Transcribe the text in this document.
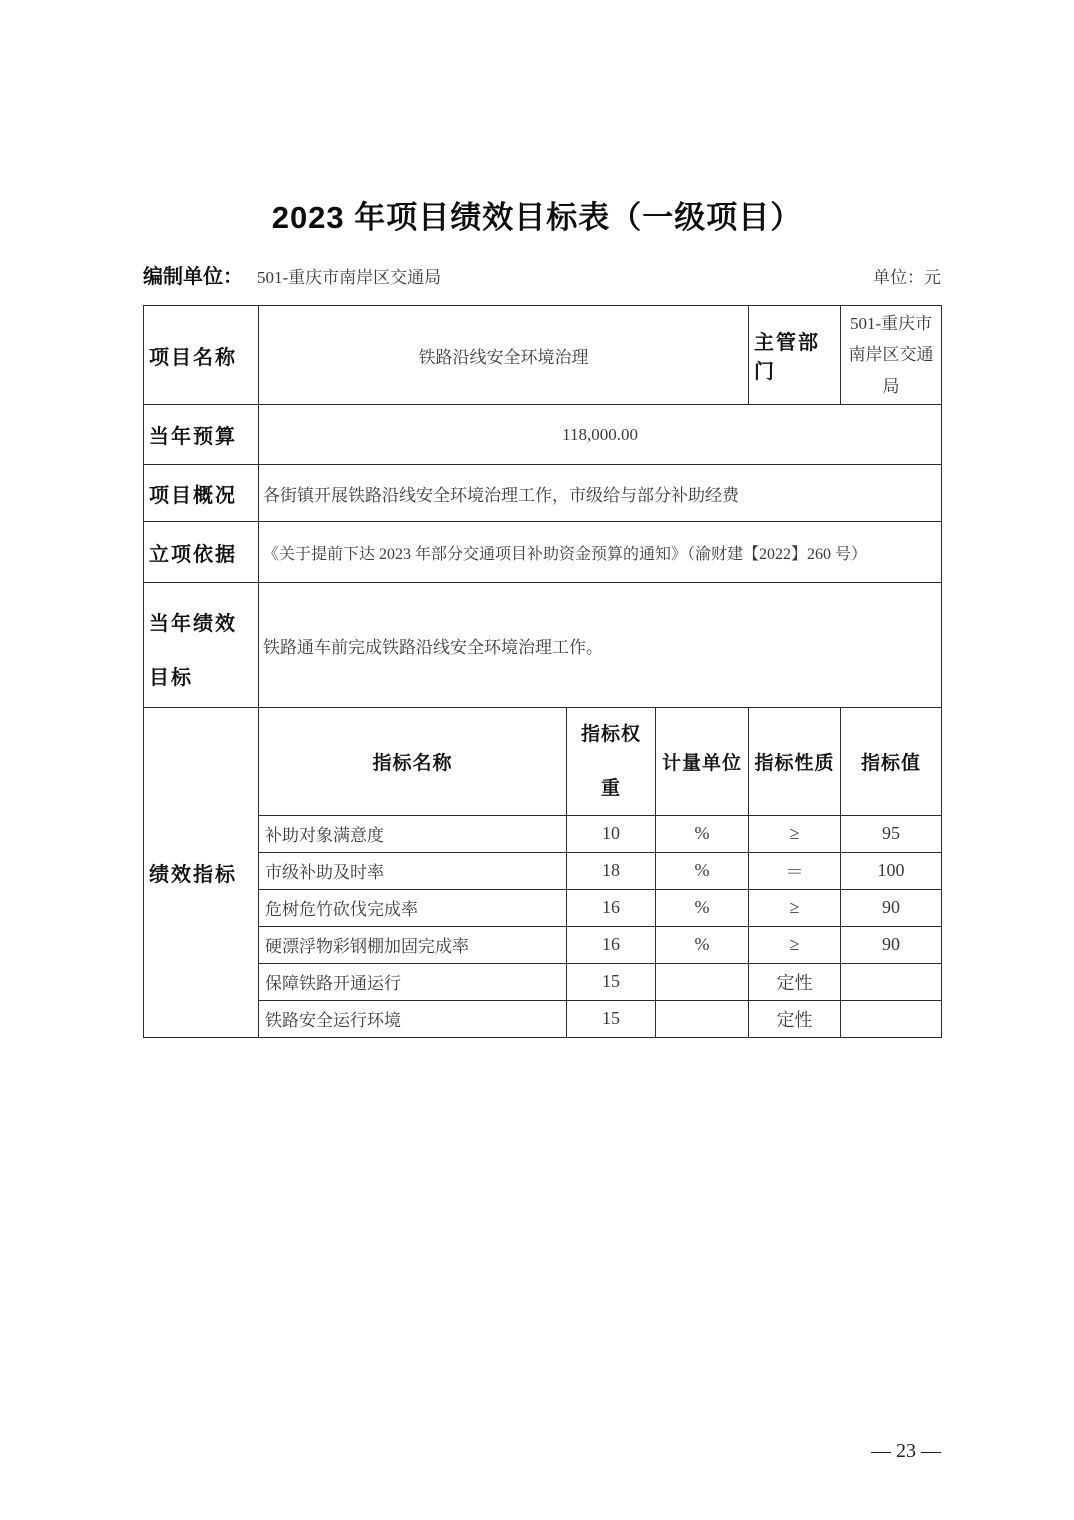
2023 年项目绩效目标表（一级项目）
编制单位： 501-重庆市南岸区交通局	单位：元
项目名称	铁路沿线安全环境治理			主管部门	501-重庆市南岸区交通局
当年预算	118,000.00				
项目概况	各街镇开展铁路沿线安全环境治理工作，市级给与部分补助经费				
立项依据	《关于提前下达 2023 年部分交通项目补助资金预算的通知》（渝财建【2022】260 号）				
当年绩效目标	铁路通车前完成铁路沿线安全环境治理工作。				
绩效指标	指标名称	指标权重	计量单位	指标性质	指标值
	补助对象满意度	10	%	≥	95
	市级补助及时率	18	%	＝	100
	危树危竹砍伐完成率	16	%	≥	90
	硬漂浮物彩钢棚加固完成率	16	%	≥	90
	保障铁路开通运行	15		定性	
	铁路安全运行环境	15		定性	
— 23 —
